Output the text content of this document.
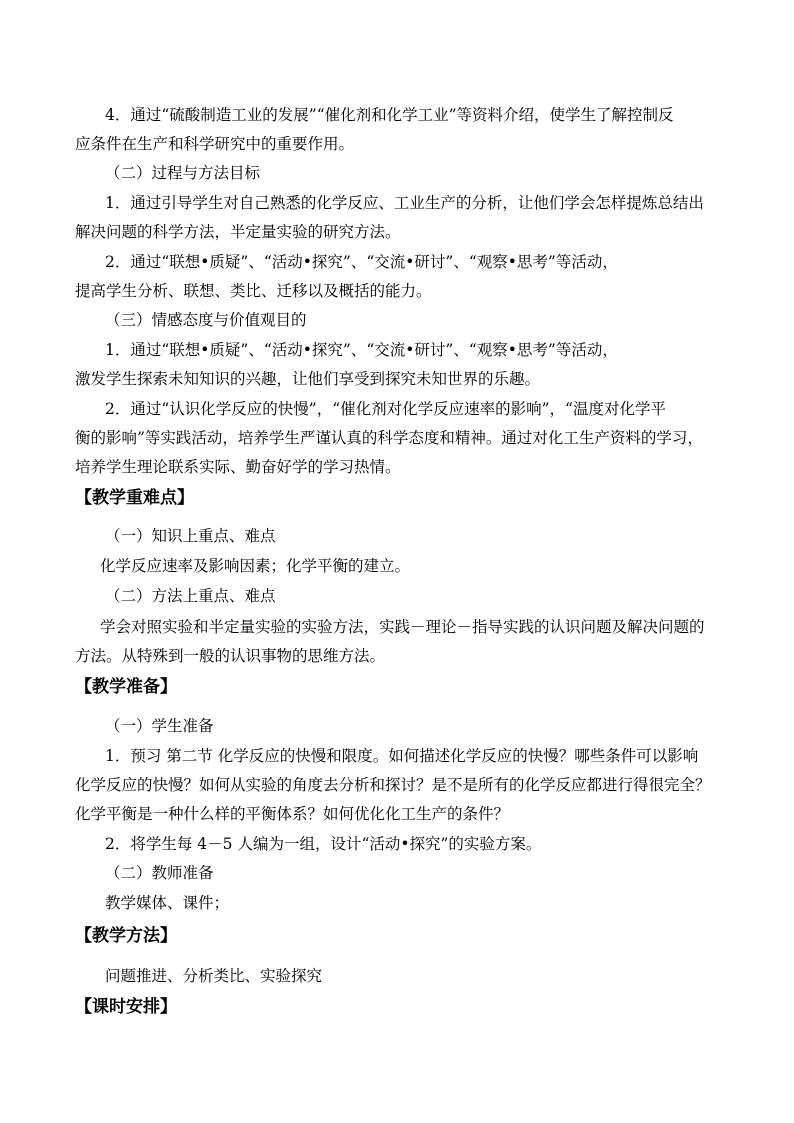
4．通过“硫酸制造工业的发展”“催化剂和化学工业”等资料介绍，使学生了解控制反
应条件在生产和科学研究中的重要作用。
（二）过程与方法目标
1．通过引导学生对自己熟悉的化学反应、工业生产的分析，让他们学会怎样提炼总结出
解决问题的科学方法，半定量实验的研究方法。
2．通过“联想•质疑”、“活动•探究”、“交流•研讨”、“观察•思考”等活动，
提高学生分析、联想、类比、迁移以及概括的能力。
（三）情感态度与价值观目的
1．通过“联想•质疑”、“活动•探究”、“交流•研讨”、“观察•思考”等活动，
激发学生探索未知知识的兴趣，让他们享受到探究未知世界的乐趣。
2．通过“认识化学反应的快慢”，“催化剂对化学反应速率的影响”，“温度对化学平
衡的影响”等实践活动，培养学生严谨认真的科学态度和精神。通过对化工生产资料的学习，
培养学生理论联系实际、勤奋好学的学习热情。
【教学重难点】
（一）知识上重点、难点
化学反应速率及影响因素；化学平衡的建立。
（二）方法上重点、难点
学会对照实验和半定量实验的实验方法，实践－理论－指导实践的认识问题及解决问题的
方法。从特殊到一般的认识事物的思维方法。
【教学准备】
（一）学生准备
1．预习 第二节 化学反应的快慢和限度。如何描述化学反应的快慢？哪些条件可以影响
化学反应的快慢？如何从实验的角度去分析和探讨？是不是所有的化学反应都进行得很完全？
化学平衡是一种什么样的平衡体系？如何优化化工生产的条件？
2．将学生每 4－5 人编为一组，设计“活动•探究”的实验方案。
（二）教师准备
教学媒体、课件；
【教学方法】
问题推进、分析类比、实验探究
【课时安排】
